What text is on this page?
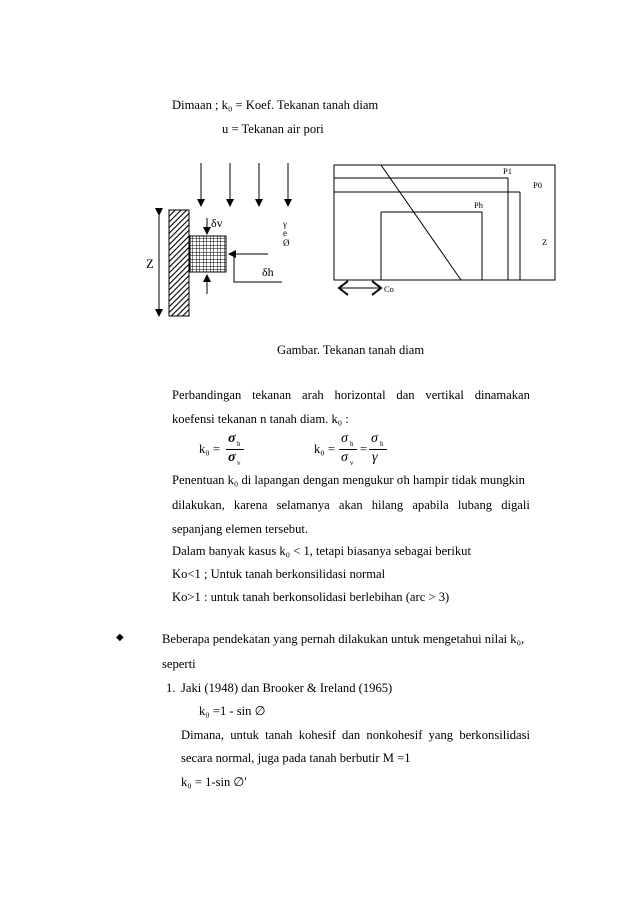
Dimaan ; k₀ = Koef. Tekanan tanah diam
u = Tekanan air pori
Z
δv
δh
γ
e
Ø
P1
P0
Ph
Z
Co
Gambar. Tekanan tanah diam
Perbandingan tekanan arah horizontal dan vertikal dinamakan
koefensi tekanan n tanah diam. k₀ :
k₀ =
σ h
σ v
k₀ =
σ h
σ v
=
σ h
γ
Penentuan k₀ di lapangan dengan mengukur σh hampir tidak mungkin
dilakukan, karena selamanya akan hilang apabila lubang digali
sepanjang elemen tersebut.
Dalam banyak kasus k₀ < 1, tetapi biasanya sebagai berikut
Ko<1 ; Untuk tanah berkonsilidasi normal
Ko>1 : untuk tanah berkonsolidasi berlebihan (arc > 3)
◆	Beberapa pendekatan yang pernah dilakukan untuk mengetahui nilai k₀,
seperti
1. Jaki (1948) dan Brooker & Ireland (1965)
k₀ =1 - sin ∅
Dimana, untuk tanah kohesif dan nonkohesif yang berkonsilidasi
secara normal, juga pada tanah berbutir M =1
k₀ = 1-sin ∅'
